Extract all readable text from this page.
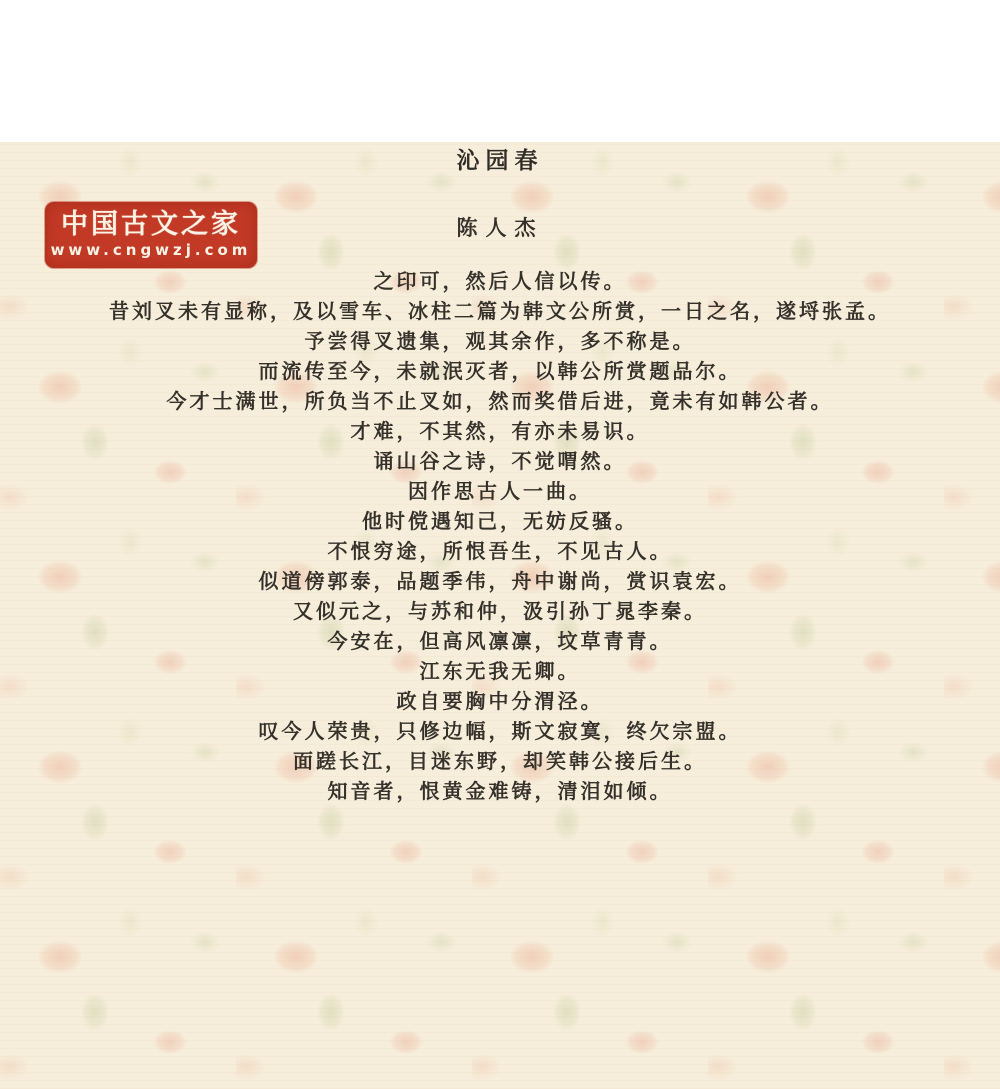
中国古文之家
www.cngwzj.com
沁园春
陈人杰
之印可，然后人信以传。
昔刘叉未有显称，及以雪车、冰柱二篇为韩文公所赏，一日之名，遂埒张孟。
予尝得叉遗集，观其余作，多不称是。
而流传至今，未就泯灭者，以韩公所赏题品尔。
今才士满世，所负当不止叉如，然而奖借后进，竟未有如韩公者。
才难，不其然，有亦未易识。
诵山谷之诗，不觉喟然。
因作思古人一曲。
他时傥遇知己，无妨反骚。
不恨穷途，所恨吾生，不见古人。
似道傍郭泰，品题季伟，舟中谢尚，赏识袁宏。
又似元之，与苏和仲，汲引孙丁晁李秦。
今安在，但高风凛凛，坟草青青。
江东无我无卿。
政自要胸中分渭泾。
叹今人荣贵，只修边幅，斯文寂寞，终欠宗盟。
面蹉长江，目迷东野，却笑韩公接后生。
知音者，恨黄金难铸，清泪如倾。
